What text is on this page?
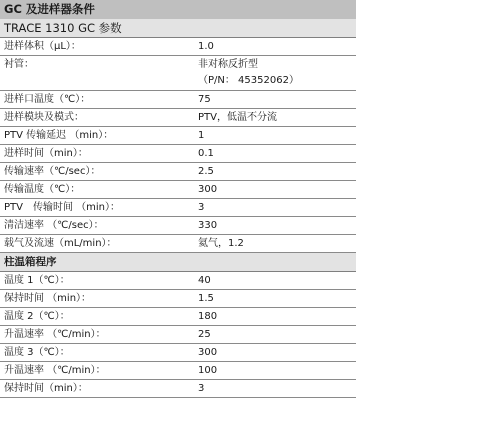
GC 及进样器条件
TRACE 1310 GC 参数
进样体积（μL）：	1.0
衬管：	非对称反折型
（P/N： 45352062）
进样口温度（℃）：	75
进样模块及模式：	PTV，低温不分流
PTV 传输延迟 （min）：	1
进样时间（min）：	0.1
传输速率（℃/sec）：	2.5
传输温度（℃）：	300
PTV　传输时间 （min）：	3
清洁速率 （℃/sec）：	330
载气及流速（mL/min）：	氦气，1.2
柱温箱程序
温度 1（℃）：	40
保持时间 （min）：	1.5
温度 2（℃）：	180
升温速率 （℃/min）：	25
温度 3（℃）：	300
升温速率 （℃/min）：	100
保持时间（min）：	3
